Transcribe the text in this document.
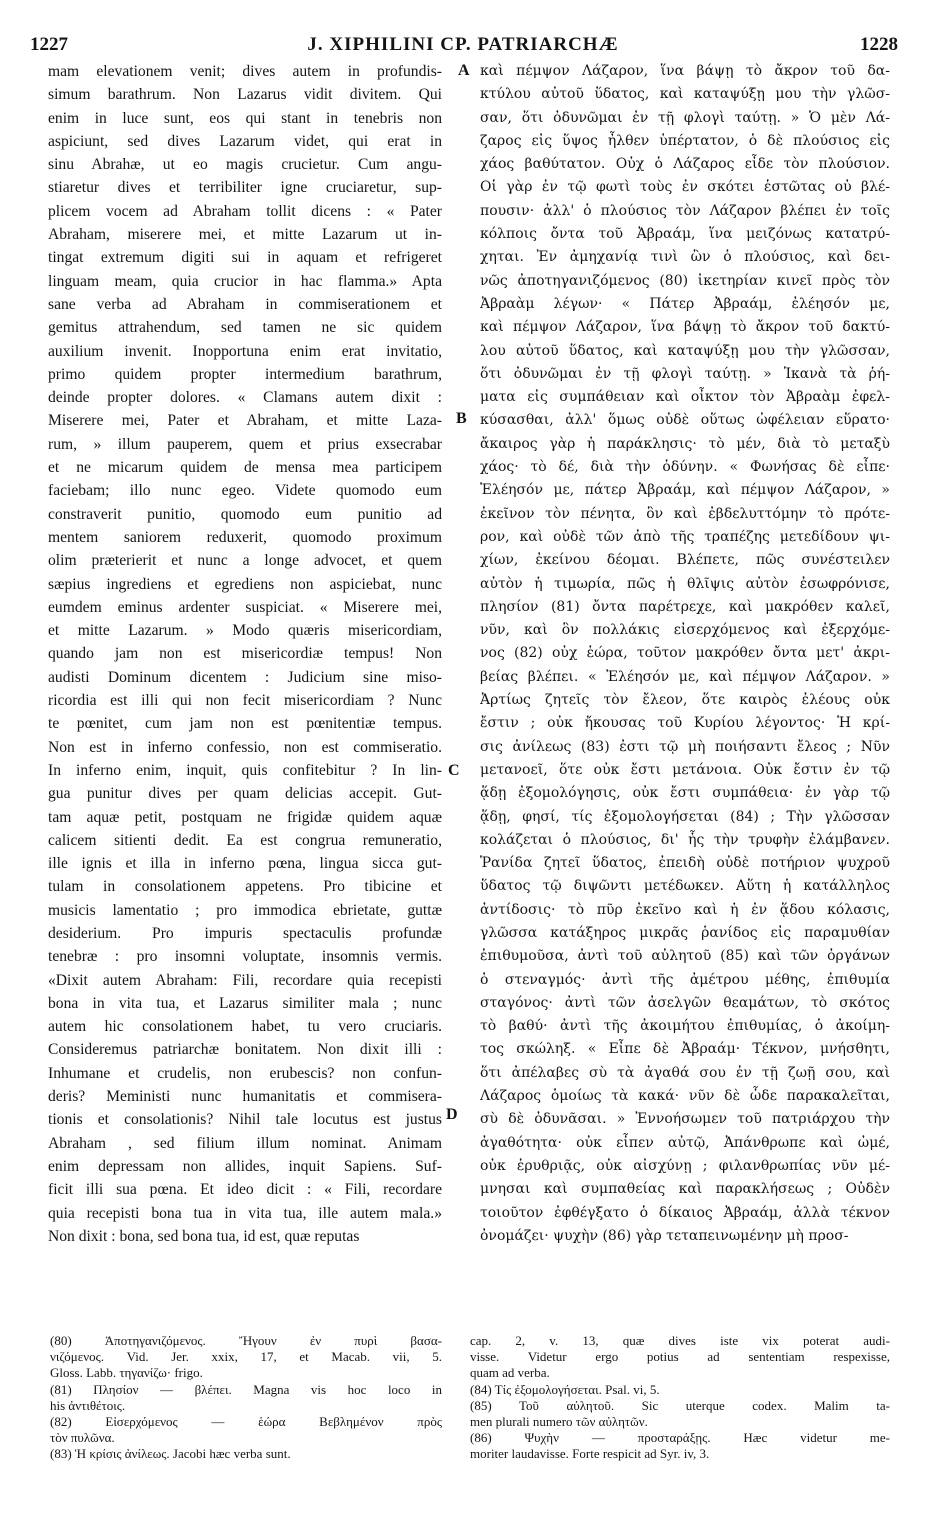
1227	J. XIPHILINI CP. PATRIARCHÆ	1228
mam elevationem venit; dives autem in profundis-
simum barathrum. Non Lazarus vidit divitem. Qui
enim in luce sunt, eos qui stant in tenebris non
aspiciunt, sed dives Lazarum videt, qui erat in
sinu Abrahæ, ut eo magis crucietur. Cum angu-
stiaretur dives et terribiliter igne cruciaretur, sup-
plicem vocem ad Abraham tollit dicens : « Pater
Abraham, miserere mei, et mitte Lazarum ut in-
tingat extremum digiti sui in aquam et refrigeret
linguam meam, quia crucior in hac flamma.» Apta
sane verba ad Abraham in commiserationem et
gemitus attrahendum, sed tamen ne sic quidem
auxilium invenit. Inopportuna enim erat invitatio,
primo quidem propter intermedium barathrum,
deinde propter dolores. « Clamans autem dixit :
Miserere mei, Pater et Abraham, et mitte Laza-
rum, » illum pauperem, quem et prius exsecrabar
et ne micarum quidem de mensa mea participem
faciebam; illo nunc egeo. Videte quomodo eum
constraverit punitio, quomodo eum punitio ad
mentem saniorem reduxerit, quomodo proximum
olim præterierit et nunc a longe advocet, et quem
sæpius ingrediens et egrediens non aspiciebat, nunc
eumdem eminus ardenter suspiciat. « Miserere mei,
et mitte Lazarum. » Modo quæris misericordiam,
quando jam non est misericordiæ tempus! Non
audisti Dominum dicentem : Judicium sine miso-
ricordia est illi qui non fecit misericordiam ? Nunc
te pœnitet, cum jam non est pœnitentiæ tempus.
Non est in inferno confessio, non est commiseratio.
In inferno enim, inquit, quis confitebitur ? In lin-
gua punitur dives per quam delicias accepit. Gut-
tam aquæ petit, postquam ne frigidæ quidem aquæ
calicem sitienti dedit. Ea est congrua remuneratio,
ille ignis et illa in inferno pœna, lingua sicca gut-
tulam in consolationem appetens. Pro tibicine et
musicis lamentatio ; pro immodica ebrietate, guttæ
desiderium. Pro impuris spectaculis profundæ
tenebræ : pro insomni voluptate, insomnis vermis.
«Dixit autem Abraham: Fili, recordare quia recepisti
bona in vita tua, et Lazarus similiter mala ; nunc
autem hic consolationem habet, tu vero cruciaris.
Consideremus patriarchæ bonitatem. Non dixit illi :
Inhumane et crudelis, non erubescis? non confun-
deris? Meministi nunc humanitatis et commisera-
tionis et consolationis? Nihil tale locutus est justus
Abraham , sed filium illum nominat. Animam
enim depressam non allides, inquit Sapiens. Suf-
ficit illi sua pœna. Et ideo dicit : « Fili, recordare
quia recepisti bona tua in vita tua, ille autem mala.»
Non dixit : bona, sed bona tua, id est, quæ reputas
A
B
C
D
καὶ πέμψον Λάζαρον, ἵνα βάψῃ τὸ ἄκρον τοῦ δα-
κτύλου αὐτοῦ ὕδατος, καὶ καταψύξῃ μου τὴν γλῶσ-
σαν, ὅτι ὀδυνῶμαι ἐν τῇ φλογὶ ταύτῃ. » Ὁ μὲν Λά-
ζαρος εἰς ὕψος ἦλθεν ὑπέρτατον, ὁ δὲ πλούσιος εἰς
χάος βαθύτατον. Οὐχ ὁ Λάζαρος εἶδε τὸν πλούσιον.
Οἱ γὰρ ἐν τῷ φωτὶ τοὺς ἐν σκότει ἑστῶτας οὐ βλέ-
πουσιν· ἀλλ' ὁ πλούσιος τὸν Λάζαρον βλέπει ἐν τοῖς
κόλποις ὄντα τοῦ Ἀβραάμ, ἵνα μειζόνως κατατρύ-
χηται. Ἐν ἀμηχανίᾳ τινὶ ὢν ὁ πλούσιος, καὶ δει-
νῶς ἀποτηγανιζόμενος (80) ἱκετηρίαν κινεῖ πρὸς τὸν
Ἀβραὰμ λέγων· « Πάτερ Ἀβραάμ, ἐλέησόν με,
καὶ πέμψον Λάζαρον, ἵνα βάψῃ τὸ ἄκρον τοῦ δακτύ-
λου αὐτοῦ ὕδατος, καὶ καταψύξῃ μου τὴν γλῶσσαν,
ὅτι ὀδυνῶμαι ἐν τῇ φλογὶ ταύτῃ. » Ἱκανὰ τὰ ῥή-
ματα εἰς συμπάθειαν καὶ οἶκτον τὸν Ἀβραὰμ ἐφελ-
κύσασθαι, ἀλλ' ὅμως οὐδὲ οὕτως ὠφέλειαν εὕρατο·
ἄκαιρος γὰρ ἡ παράκλησις· τὸ μέν, διὰ τὸ μεταξὺ
χάος· τὸ δέ, διὰ τὴν ὀδύνην. « Φωνήσας δὲ εἶπε·
Ἐλέησόν με, πάτερ Ἀβραάμ, καὶ πέμψον Λάζαρον, »
ἐκεῖνον τὸν πένητα, ὃν καὶ ἐβδελυττόμην τὸ πρότε-
ρον, καὶ οὐδὲ τῶν ἀπὸ τῆς τραπέζης μετεδίδουν ψι-
χίων, ἐκείνου δέομαι. Βλέπετε, πῶς συνέστειλεν
αὐτὸν ἡ τιμωρία, πῶς ἡ θλῖψις αὐτὸν ἐσωφρόνισε,
πλησίον (81) ὄντα παρέτρεχε, καὶ μακρόθεν καλεῖ,
νῦν, καὶ ὃν πολλάκις εἰσερχόμενος καὶ ἐξερχόμε-
νος (82) οὐχ ἑώρα, τοῦτον μακρόθεν ὄντα μετ' ἀκρι-
βείας βλέπει. « Ἐλέησόν με, καὶ πέμψον Λάζαρον. »
Ἀρτίως ζητεῖς τὸν ἔλεον, ὅτε καιρὸς ἐλέους οὐκ
ἔστιν ; οὐκ ἤκουσας τοῦ Κυρίου λέγοντος· Ἡ κρί-
σις ἀνίλεως (83) ἐστι τῷ μὴ ποιήσαντι ἔλεος ; Νῦν
μετανοεῖ, ὅτε οὐκ ἔστι μετάνοια. Οὐκ ἔστιν ἐν τῷ
ᾅδῃ ἐξομολόγησις, οὐκ ἔστι συμπάθεια· ἐν γὰρ τῷ
ᾅδῃ, φησί, τίς ἐξομολογήσεται (84) ; Τὴν γλῶσσαν
κολάζεται ὁ πλούσιος, δι' ἧς τὴν τρυφὴν ἐλάμβανεν.
Ῥανίδα ζητεῖ ὕδατος, ἐπειδὴ οὐδὲ ποτήριον ψυχροῦ
ὕδατος τῷ διψῶντι μετέδωκεν. Αὕτη ἡ κατάλληλος
ἀντίδοσις· τὸ πῦρ ἐκεῖνο καὶ ἡ ἐν ᾅδου κόλασις,
γλῶσσα κατάξηρος μικρᾶς ῥανίδος εἰς παραμυθίαν
ἐπιθυμοῦσα, ἀντὶ τοῦ αὐλητοῦ (85) καὶ τῶν ὀργάνων
ὁ στεναγμός· ἀντὶ τῆς ἀμέτρου μέθης, ἐπιθυμία
σταγόνος· ἀντὶ τῶν ἀσελγῶν θεαμάτων, τὸ σκότος
τὸ βαθύ· ἀντὶ τῆς ἀκοιμήτου ἐπιθυμίας, ὁ ἀκοίμη-
τος σκώληξ. « Εἶπε δὲ Ἀβραάμ· Τέκνον, μνήσθητι,
ὅτι ἀπέλαβες σὺ τὰ ἀγαθά σου ἐν τῇ ζωῇ σου, καὶ
Λάζαρος ὁμοίως τὰ κακά· νῦν δὲ ὧδε παρακαλεῖται,
σὺ δὲ ὀδυνᾶσαι. » Ἐννοήσωμεν τοῦ πατριάρχου τὴν
ἀγαθότητα· οὐκ εἶπεν αὐτῷ, Ἀπάνθρωπε καὶ ὠμέ,
οὐκ ἐρυθριᾷς, οὐκ αἰσχύνῃ ; φιλανθρωπίας νῦν μέ-
μνησαι καὶ συμπαθείας καὶ παρακλήσεως ; Οὐδὲν
τοιοῦτον ἐφθέγξατο ὁ δίκαιος Ἀβραάμ, ἀλλὰ τέκνον
ὀνομάζει· ψυχὴν (86) γὰρ τεταπεινωμένην μὴ προσ-
(80) Ἀποτηγανιζόμενος. Ἤγουν ἐν πυρὶ βασα-
νιζόμενος. Vid. Jer. xxix, 17, et Macab. vii, 5.
Gloss. Labb. τηγανίζω· frigo.
(81) Πλησίον — βλέπει. Magna vis hoc loco in
his ἀντιθέτοις.
(82) Εἰσερχόμενος — ἑώρα Βεβλημένον πρὸς
τὸν πυλῶνα.
(83) Ἡ κρίσις ἀνίλεως. Jacobi hæc verba sunt.
cap. 2, v. 13, quæ dives iste vix poterat audi-
visse. Videtur ergo potius ad sententiam respexisse,
quam ad verba.
(84) Τίς ἐξομολογήσεται. Psal. vi, 5.
(85) Τοῦ αὐλητοῦ. Sic uterque codex. Malim ta-
men plurali numero τῶν αὐλητῶν.
(86) Ψυχὴν — προσταράξῃς. Hæc videtur me-
moriter laudavisse. Forte respicit ad Syr. iv, 3.
